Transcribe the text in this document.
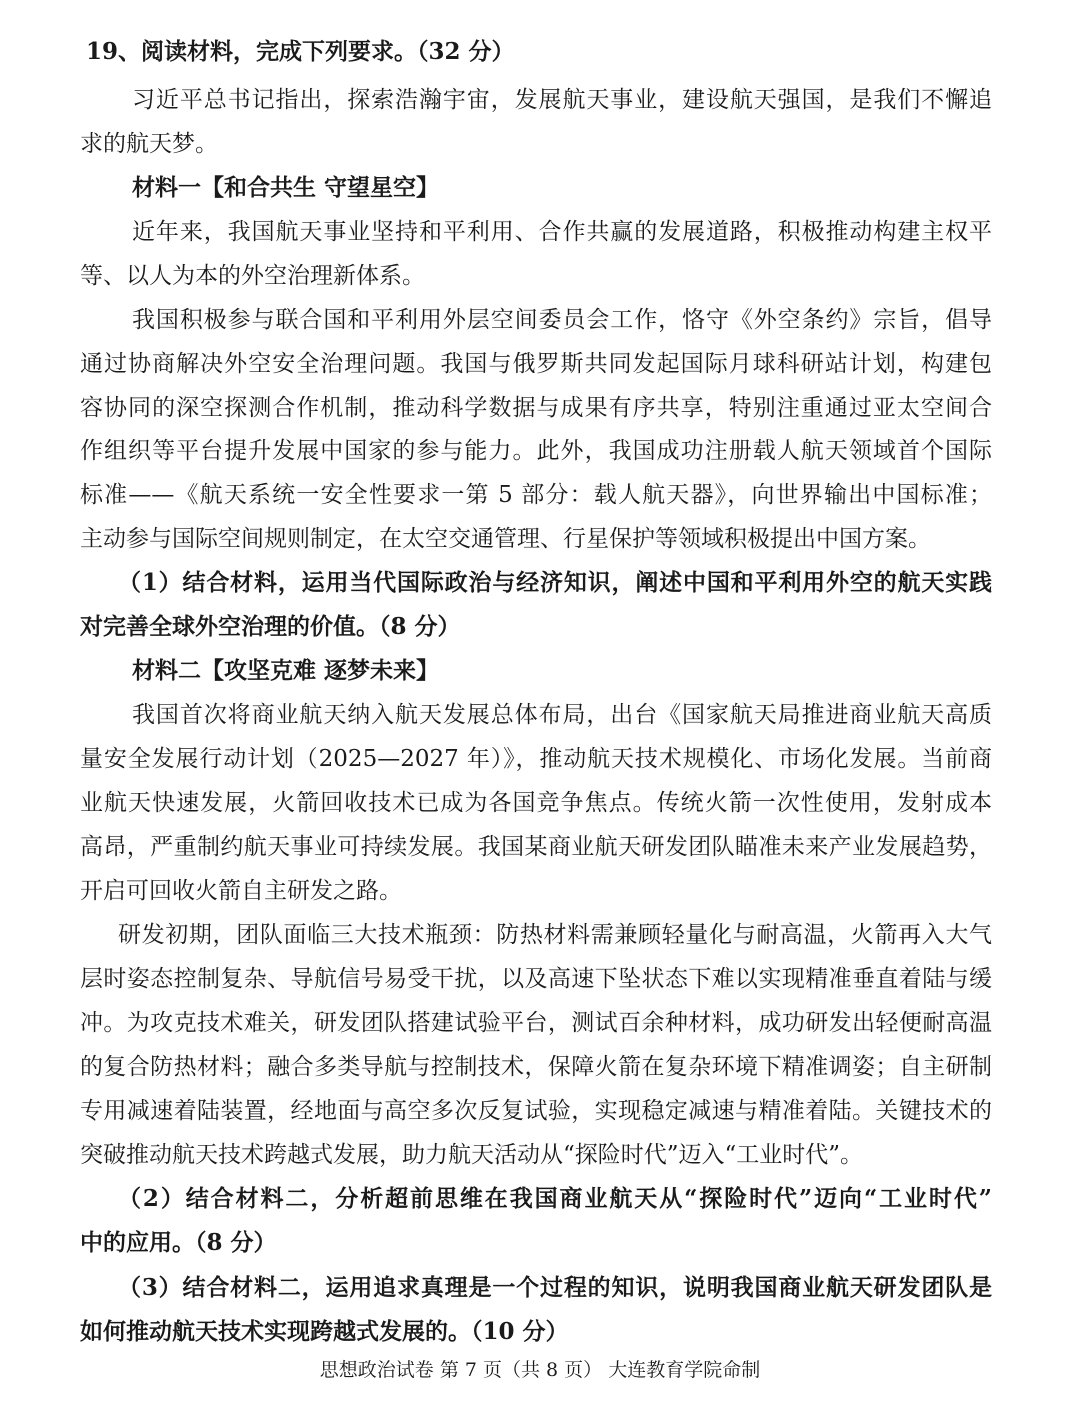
19、阅读材料，完成下列要求。（32 分）
习近平总书记指出，探索浩瀚宇宙，发展航天事业，建设航天强国，是我们不懈追
求的航天梦。
材料一【和合共生 守望星空】
近年来，我国航天事业坚持和平利用、合作共赢的发展道路，积极推动构建主权平
等、以人为本的外空治理新体系。
我国积极参与联合国和平利用外层空间委员会工作，恪守《外空条约》宗旨，倡导
通过协商解决外空安全治理问题。我国与俄罗斯共同发起国际月球科研站计划，构建包
容协同的深空探测合作机制，推动科学数据与成果有序共享，特别注重通过亚太空间合
作组织等平台提升发展中国家的参与能力。此外，我国成功注册载人航天领域首个国际
标准——《航天系统一安全性要求一第 5 部分：载人航天器》，向世界输出中国标准；
主动参与国际空间规则制定，在太空交通管理、行星保护等领域积极提出中国方案。
（1）结合材料，运用当代国际政治与经济知识，阐述中国和平利用外空的航天实践
对完善全球外空治理的价值。（8 分）
材料二【攻坚克难 逐梦未来】
我国首次将商业航天纳入航天发展总体布局，出台《国家航天局推进商业航天高质
量安全发展行动计划（2025—2027 年）》，推动航天技术规模化、市场化发展。当前商
业航天快速发展，火箭回收技术已成为各国竞争焦点。传统火箭一次性使用，发射成本
高昂，严重制约航天事业可持续发展。我国某商业航天研发团队瞄准未来产业发展趋势，
开启可回收火箭自主研发之路。
研发初期，团队面临三大技术瓶颈：防热材料需兼顾轻量化与耐高温，火箭再入大气
层时姿态控制复杂、导航信号易受干扰，以及高速下坠状态下难以实现精准垂直着陆与缓
冲。为攻克技术难关，研发团队搭建试验平台，测试百余种材料，成功研发出轻便耐高温
的复合防热材料；融合多类导航与控制技术，保障火箭在复杂环境下精准调姿；自主研制
专用减速着陆装置，经地面与高空多次反复试验，实现稳定减速与精准着陆。关键技术的
突破推动航天技术跨越式发展，助力航天活动从“探险时代”迈入“工业时代”。
（2）结合材料二，分析超前思维在我国商业航天从“探险时代”迈向“工业时代”
中的应用。（8 分）
（3）结合材料二，运用追求真理是一个过程的知识，说明我国商业航天研发团队是
如何推动航天技术实现跨越式发展的。（10 分）
思想政治试卷 第 7 页（共 8 页） 大连教育学院命制
